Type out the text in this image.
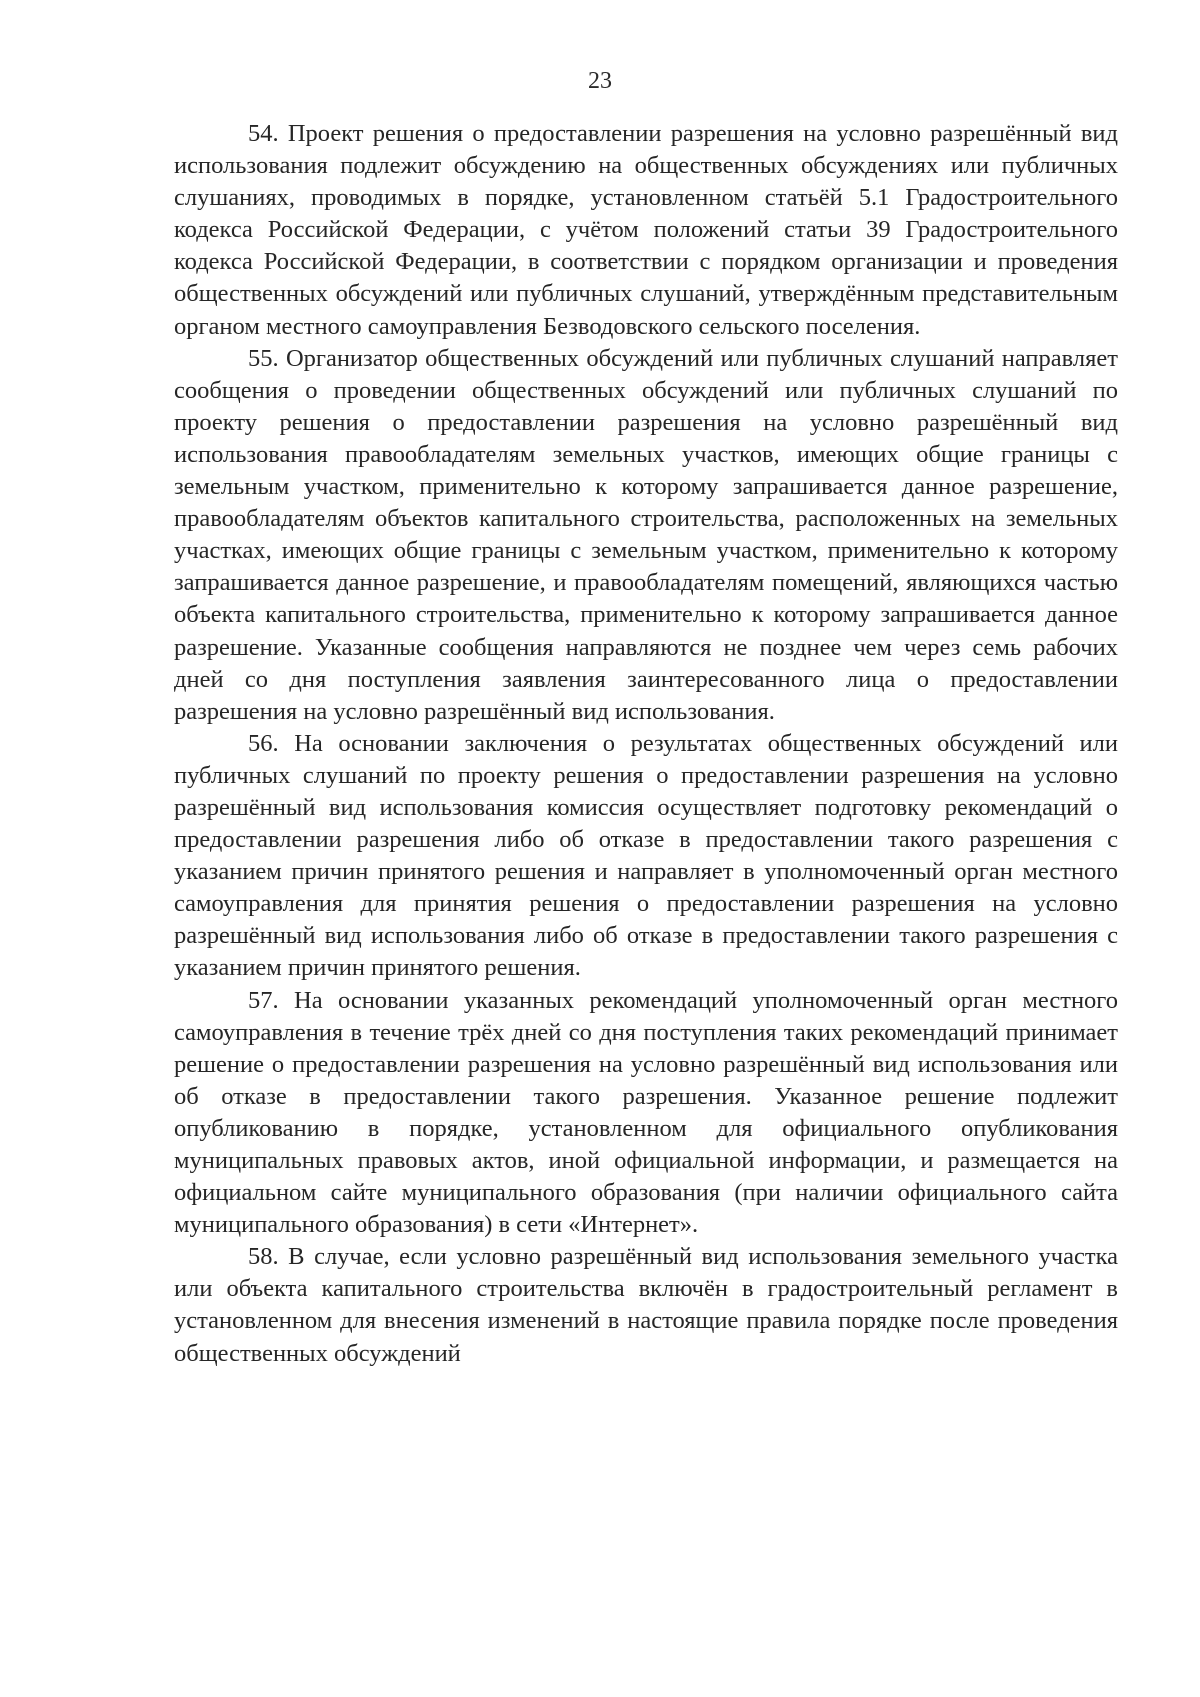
23

54. Проект решения о предоставлении разрешения на условно разрешённый вид использования подлежит обсуждению на общественных обсуждениях или публичных слушаниях, проводимых в порядке, установленном статьёй 5.1 Градостроительного кодекса Российской Федерации, с учётом положений статьи 39 Градостроительного кодекса Российской Федерации, в соответствии с порядком организации и проведения общественных обсуждений или публичных слушаний, утверждённым представительным органом местного самоуправления Безводовского сельского поселения.

55. Организатор общественных обсуждений или публичных слушаний направляет сообщения о проведении общественных обсуждений или публичных слушаний по проекту решения о предоставлении разрешения на условно разрешённый вид использования правообладателям земельных участков, имеющих общие границы с земельным участком, применительно к которому запрашивается данное разрешение, правообладателям объектов капитального строительства, расположенных на земельных участках, имеющих общие границы с земельным участком, применительно к которому запрашивается данное разрешение, и правообладателям помещений, являющихся частью объекта капитального строительства, применительно к которому запрашивается данное разрешение. Указанные сообщения направляются не позднее чем через семь рабочих дней со дня поступления заявления заинтересованного лица о предоставлении разрешения на условно разрешённый вид использования.

56. На основании заключения о результатах общественных обсуждений или публичных слушаний по проекту решения о предоставлении разрешения на условно разрешённый вид использования комиссия осуществляет подготовку рекомендаций о предоставлении разрешения либо об отказе в предоставлении такого разрешения с указанием причин принятого решения и направляет в уполномоченный орган местного самоуправления для принятия решения о предоставлении разрешения на условно разрешённый вид использования либо об отказе в предоставлении такого разрешения с указанием причин принятого решения.

57. На основании указанных рекомендаций уполномоченный орган местного самоуправления в течение трёх дней со дня поступления таких рекомендаций принимает решение о предоставлении разрешения на условно разрешённый вид использования или об отказе в предоставлении такого разрешения. Указанное решение подлежит опубликованию в порядке, установленном для официального опубликования муниципальных правовых актов, иной официальной информации, и размещается на официальном сайте муниципального образования (при наличии официального сайта муниципального образования) в сети «Интернет».

58. В случае, если условно разрешённый вид использования земельного участка или объекта капитального строительства включён в градостроительный регламент в установленном для внесения изменений в настоящие правила порядке после проведения общественных обсуждений
